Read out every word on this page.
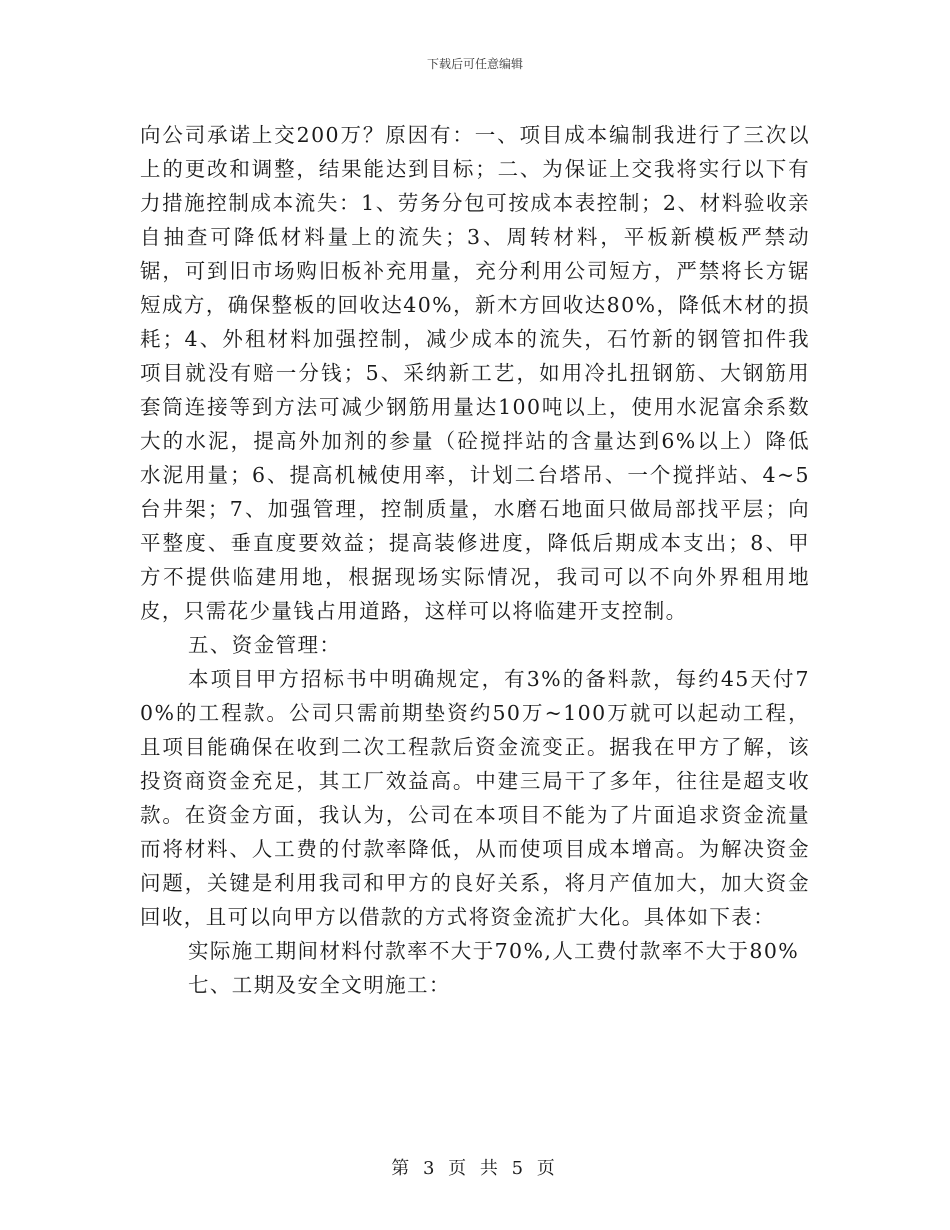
下载后可任意编辑

向公司承诺上交200万？原因有：一、项目成本编制我进行了三次以上的更改和调整，结果能达到目标；二、为保证上交我将实行以下有力措施控制成本流失：1、劳务分包可按成本表控制；2、材料验收亲自抽查可降低材料量上的流失；3、周转材料，平板新模板严禁动锯，可到旧市场购旧板补充用量，充分利用公司短方，严禁将长方锯短成方，确保整板的回收达40%，新木方回收达80%，降低木材的损耗；4、外租材料加强控制，减少成本的流失，石竹新的钢管扣件我项目就没有赔一分钱；5、采纳新工艺，如用冷扎扭钢筋、大钢筋用套筒连接等到方法可减少钢筋用量达100吨以上，使用水泥富余系数大的水泥，提高外加剂的参量（砼搅拌站的含量达到6%以上）降低水泥用量；6、提高机械使用率，计划二台塔吊、一个搅拌站、4~5台井架；7、加强管理，控制质量，水磨石地面只做局部找平层；向平整度、垂直度要效益；提高装修进度，降低后期成本支出；8、甲方不提供临建用地，根据现场实际情况，我司可以不向外界租用地皮，只需花少量钱占用道路，这样可以将临建开支控制。

五、资金管理：

本项目甲方招标书中明确规定，有3%的备料款，每约45天付70%的工程款。公司只需前期垫资约50万~100万就可以起动工程，且项目能确保在收到二次工程款后资金流变正。据我在甲方了解，该投资商资金充足，其工厂效益高。中建三局干了多年，往往是超支收款。在资金方面，我认为，公司在本项目不能为了片面追求资金流量而将材料、人工费的付款率降低，从而使项目成本增高。为解决资金问题，关键是利用我司和甲方的良好关系，将月产值加大，加大资金回收，且可以向甲方以借款的方式将资金流扩大化。具体如下表：

实际施工期间材料付款率不大于70%,人工费付款率不大于80%

七、工期及安全文明施工：

第 3 页 共 5 页
